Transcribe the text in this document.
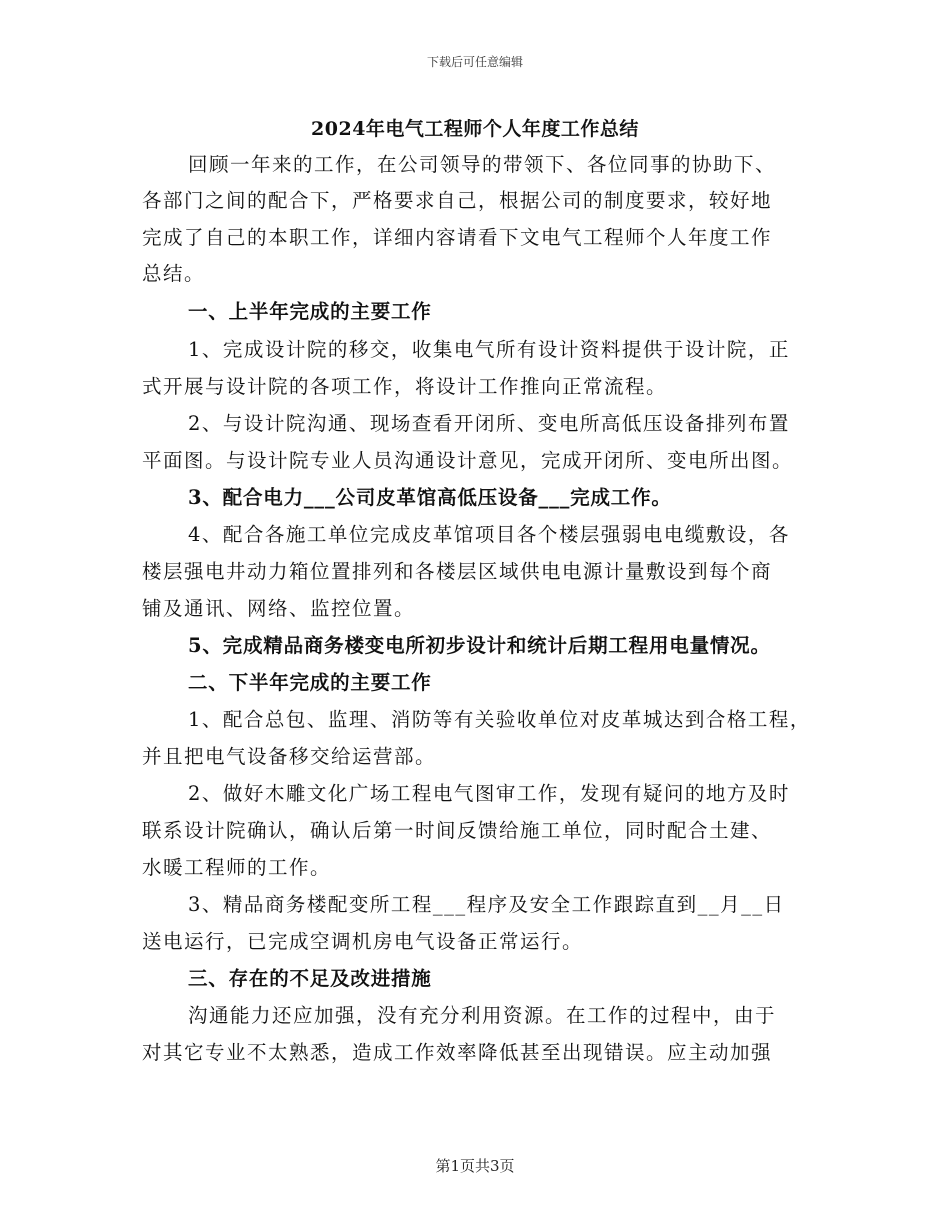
下载后可任意编辑
2024年电气工程师个人年度工作总结
回顾一年来的工作，在公司领导的带领下、各位同事的协助下、
各部门之间的配合下，严格要求自己，根据公司的制度要求，较好地
完成了自己的本职工作，详细内容请看下文电气工程师个人年度工作
总结。
一、上半年完成的主要工作
1、完成设计院的移交，收集电气所有设计资料提供于设计院，正
式开展与设计院的各项工作，将设计工作推向正常流程。
2、与设计院沟通、现场查看开闭所、变电所高低压设备排列布置
平面图。与设计院专业人员沟通设计意见，完成开闭所、变电所出图。
3、配合电力___公司皮革馆高低压设备___完成工作。
4、配合各施工单位完成皮革馆项目各个楼层强弱电电缆敷设，各
楼层强电井动力箱位置排列和各楼层区域供电电源计量敷设到每个商
铺及通讯、网络、监控位置。
5、完成精品商务楼变电所初步设计和统计后期工程用电量情况。
二、下半年完成的主要工作
1、配合总包、监理、消防等有关验收单位对皮革城达到合格工程，
并且把电气设备移交给运营部。
2、做好木雕文化广场工程电气图审工作，发现有疑问的地方及时
联系设计院确认，确认后第一时间反馈给施工单位，同时配合土建、
水暖工程师的工作。
3、精品商务楼配变所工程___程序及安全工作跟踪直到__月__日
送电运行，已完成空调机房电气设备正常运行。
三、存在的不足及改进措施
沟通能力还应加强，没有充分利用资源。在工作的过程中，由于
对其它专业不太熟悉，造成工作效率降低甚至出现错误。应主动加强
第1页共3页
